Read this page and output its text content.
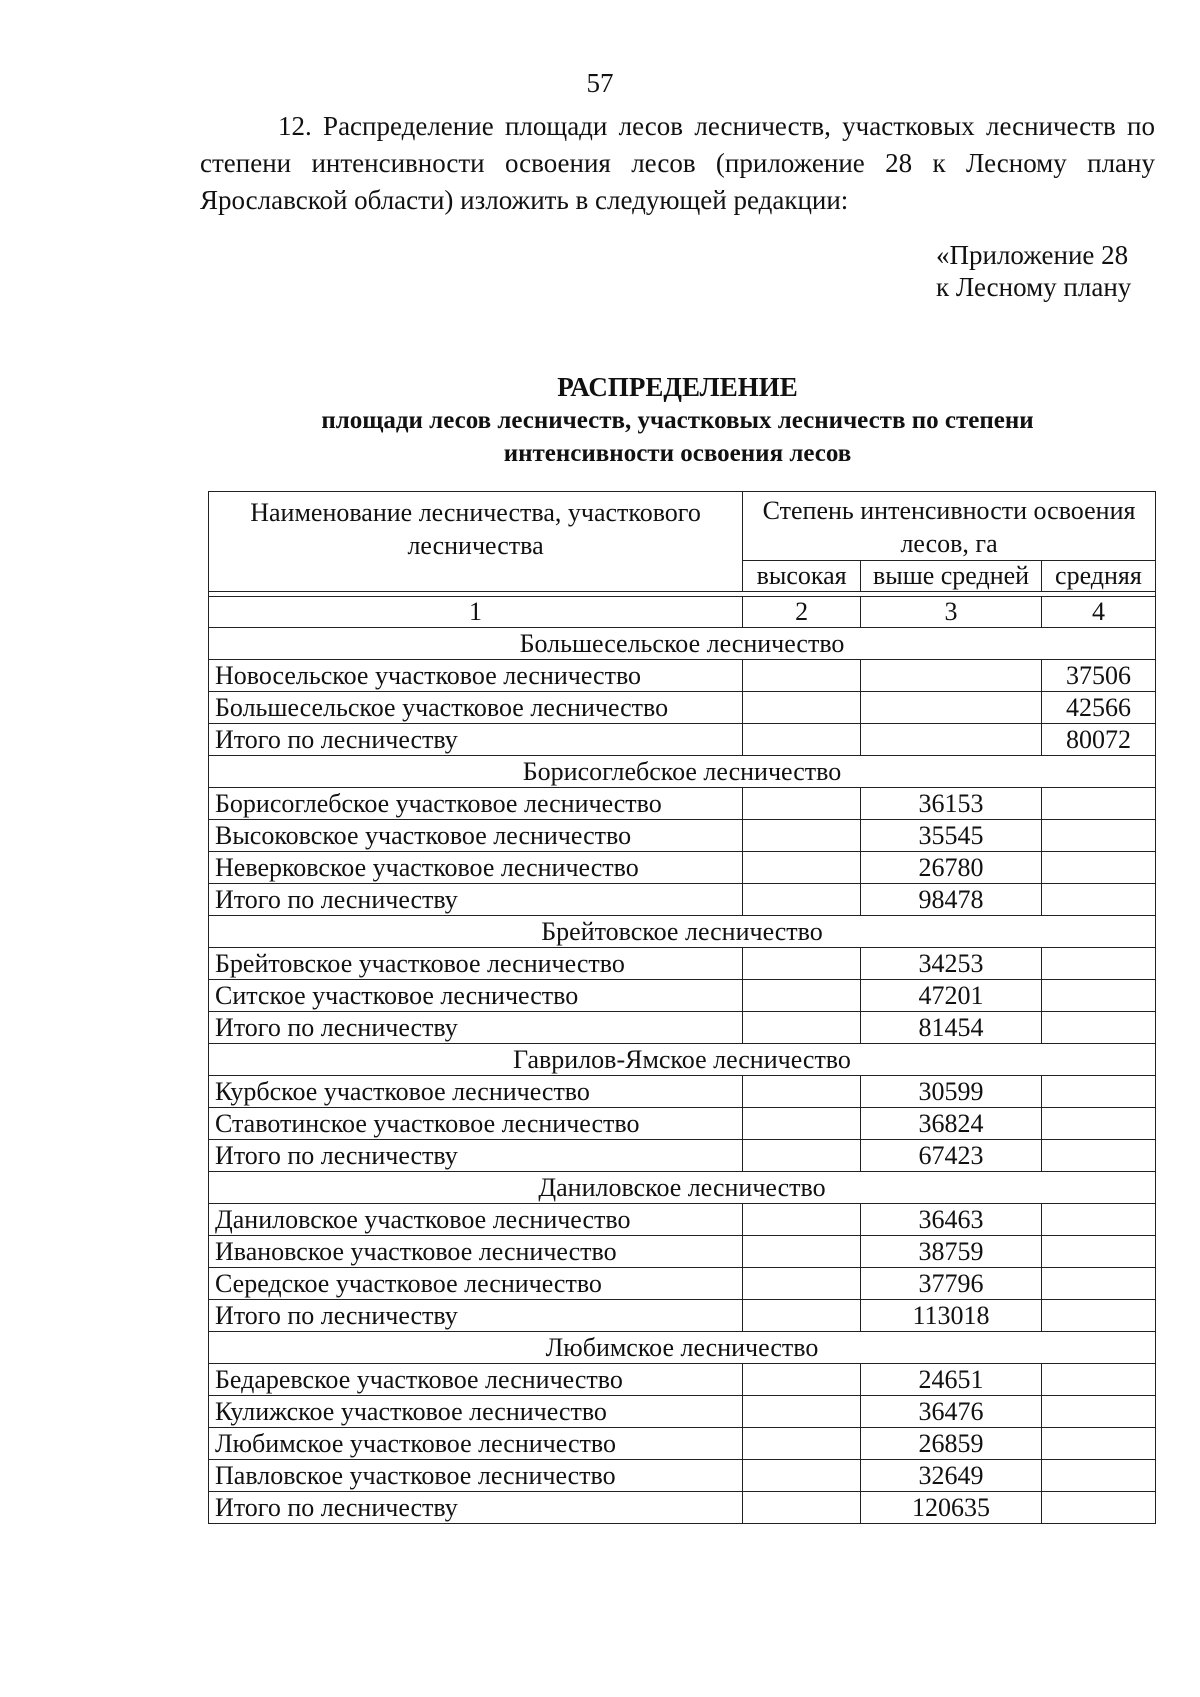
57

12. Распределение площади лесов лесничеств, участковых лесничеств по степени интенсивности освоения лесов (приложение 28 к Лесному плану Ярославской области) изложить в следующей редакции:

«Приложение 28
к Лесному плану
РАСПРЕДЕЛЕНИЕ
площади лесов лесничеств, участковых лесничеств по степени
интенсивности освоения лесов
Наименование лесничества, участкового лесничества	Степень интенсивности освоения лесов, га		
	высокая	выше средней	средняя

1	2	3	4
Большесельское лесничество			
Новосельское участковое лесничество			37506
Большесельское участковое лесничество			42566
Итого по лесничеству			80072
Борисоглебское лесничество			
Борисоглебское участковое лесничество		36153	
Высоковское участковое лесничество		35545	
Неверковское участковое лесничество		26780	
Итого по лесничеству		98478	
Брейтовское лесничество			
Брейтовское участковое лесничество		34253	
Ситское участковое лесничество		47201	
Итого по лесничеству		81454	
Гаврилов-Ямское лесничество			
Курбское участковое лесничество		30599	
Ставотинское участковое лесничество		36824	
Итого по лесничеству		67423	
Даниловское лесничество			
Даниловское участковое лесничество		36463	
Ивановское участковое лесничество		38759	
Середское участковое лесничество		37796	
Итого по лесничеству		113018	
Любимское лесничество			
Бедаревское участковое лесничество		24651	
Кулижское участковое лесничество		36476	
Любимское участковое лесничество		26859	
Павловское участковое лесничество		32649	
Итого по лесничеству		120635	
